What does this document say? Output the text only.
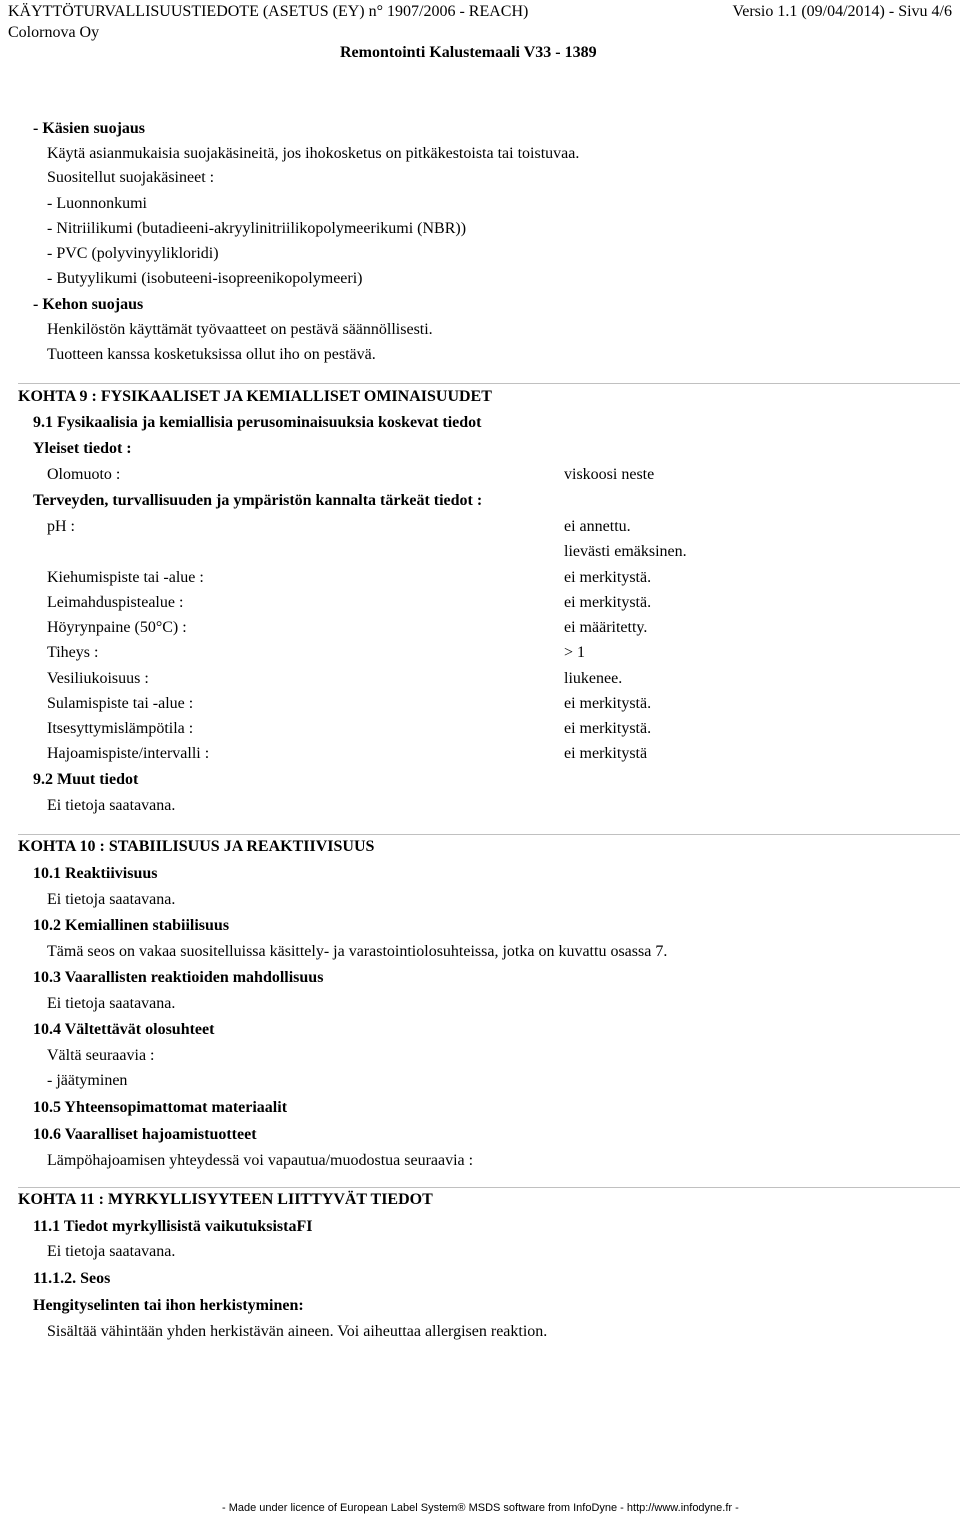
KÄYTTÖTURVALLISUUSTIEDOTE (ASETUS (EY) n° 1907/2006 - REACH)	Versio 1.1 (09/04/2014) - Sivu 4/6
Colornova Oy
Remontointi Kalustemaali V33 - 1389
- Käsien suojaus
Käytä asianmukaisia suojakäsineitä, jos ihokosketus on pitkäkestoista tai toistuvaa.
Suositellut suojakäsineet :
- Luonnonkumi
- Nitriilikumi (butadieeni-akryylinitriilikopolymeerikumi (NBR))
- PVC (polyvinyylikloridi)
- Butyylikumi (isobuteeni-isopreenikopolymeeri)
- Kehon suojaus
Henkilöstön käyttämät työvaatteet on pestävä säännöllisesti.
Tuotteen kanssa kosketuksissa ollut iho on pestävä.
KOHTA 9 : FYSIKAALISET JA KEMIALLISET OMINAISUUDET
9.1 Fysikaalisia ja kemiallisia perusominaisuuksia koskevat tiedot
Yleiset tiedot :
Olomuoto :	viskoosi neste
Terveyden, turvallisuuden ja ympäristön kannalta tärkeät tiedot :
pH :	ei annettu.
lievästi emäksinen.
Kiehumispiste tai -alue :	ei merkitystä.
Leimahduspistealue :	ei merkitystä.
Höyrynpaine (50°C) :	ei määritetty.
Tiheys :	> 1
Vesiliukoisuus :	liukenee.
Sulamispiste tai -alue :	ei merkitystä.
Itsesyttymislämpötila :	ei merkitystä.
Hajoamispiste/intervalli :	ei merkitystä
9.2 Muut tiedot
Ei tietoja saatavana.
KOHTA 10 : STABIILISUUS JA REAKTIIVISUUS
10.1 Reaktiivisuus
Ei tietoja saatavana.
10.2 Kemiallinen stabiilisuus
Tämä seos on vakaa suositelluissa käsittely- ja varastointiolosuhteissa, jotka on kuvattu osassa 7.
10.3 Vaarallisten reaktioiden mahdollisuus
Ei tietoja saatavana.
10.4 Vältettävät olosuhteet
Vältä seuraavia :
- jäätyminen
10.5 Yhteensopimattomat materiaalit
10.6 Vaaralliset hajoamistuotteet
Lämpöhajoamisen yhteydessä voi vapautua/muodostua seuraavia :
KOHTA 11 : MYRKYLLISYYTEEN LIITTYVÄT TIEDOT
11.1 Tiedot myrkyllisistä vaikutuksistaFI
Ei tietoja saatavana.
11.1.2. Seos
Hengityselinten tai ihon herkistyminen:
Sisältää vähintään yhden herkistävän aineen. Voi aiheuttaa allergisen reaktion.
- Made under licence of European Label System® MSDS software from InfoDyne - http://www.infodyne.fr -
